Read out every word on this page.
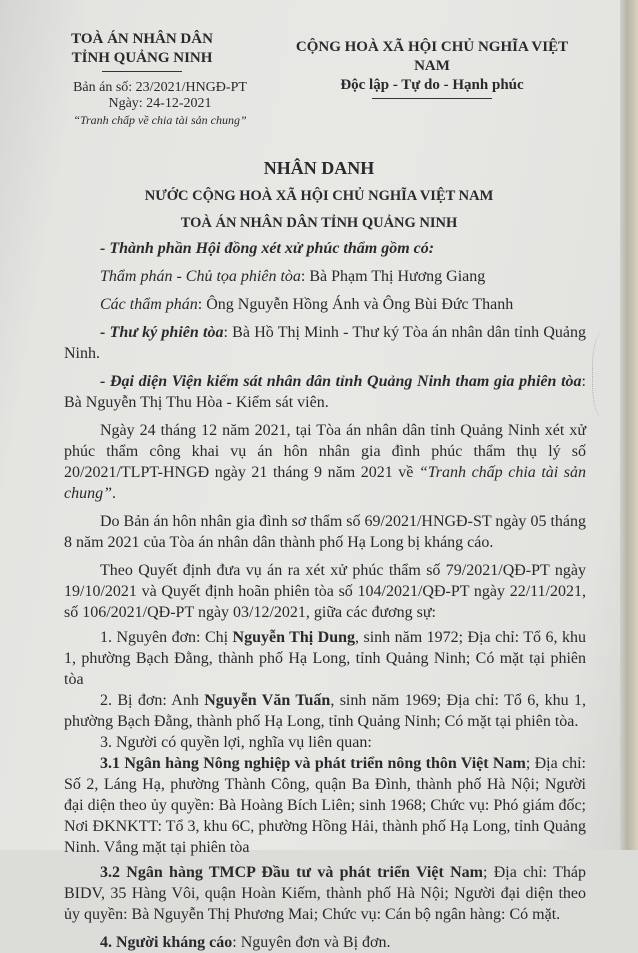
TOÀ ÁN NHÂN DÂN
TỈNH QUẢNG NINH
CỘNG HOÀ XÃ HỘI CHỦ NGHĨA VIỆT NAM
Độc lập - Tự do - Hạnh phúc
Bản án số: 23/2021/HNGĐ-PT
Ngày: 24-12-2021
“Tranh chấp về chia tài sản chung”
NHÂN DANH
NƯỚC CỘNG HOÀ XÃ HỘI CHỦ NGHĨA VIỆT NAM
TOÀ ÁN NHÂN DÂN TỈNH QUẢNG NINH

- Thành phần Hội đồng xét xử phúc thẩm gồm có:

Thẩm phán - Chủ tọa phiên tòa: Bà Phạm Thị Hương Giang

Các thẩm phán: Ông Nguyễn Hồng Ánh và Ông Bùi Đức Thanh

- Thư ký phiên tòa: Bà Hồ Thị Minh - Thư ký Tòa án nhân dân tỉnh Quảng Ninh.

- Đại diện Viện kiểm sát nhân dân tỉnh Quảng Ninh tham gia phiên tòa: Bà Nguyễn Thị Thu Hòa - Kiểm sát viên.

Ngày 24 tháng 12 năm 2021, tại Tòa án nhân dân tỉnh Quảng Ninh xét xử phúc thẩm công khai vụ án hôn nhân gia đình phúc thẩm thụ lý số 20/2021/TLPT-HNGĐ ngày 21 tháng 9 năm 2021 về “Tranh chấp chia tài sản chung”.

Do Bản án hôn nhân gia đình sơ thẩm số 69/2021/HNGĐ-ST ngày 05 tháng 8 năm 2021 của Tòa án nhân dân thành phố Hạ Long bị kháng cáo.

Theo Quyết định đưa vụ án ra xét xử phúc thẩm số 79/2021/QĐ-PT ngày 19/10/2021 và Quyết định hoãn phiên tòa số 104/2021/QĐ-PT ngày 22/11/2021, số 106/2021/QĐ-PT ngày 03/12/2021, giữa các đương sự:

1. Nguyên đơn: Chị Nguyễn Thị Dung, sinh năm 1972; Địa chỉ: Tổ 6, khu 1, phường Bạch Đằng, thành phố Hạ Long, tỉnh Quảng Ninh; Có mặt tại phiên tòa

2. Bị đơn: Anh Nguyễn Văn Tuấn, sinh năm 1969; Địa chỉ: Tổ 6, khu 1, phường Bạch Đằng, thành phố Hạ Long, tỉnh Quảng Ninh; Có mặt tại phiên tòa.

3. Người có quyền lợi, nghĩa vụ liên quan:

3.1 Ngân hàng Nông nghiệp và phát triển nông thôn Việt Nam; Địa chỉ: Số 2, Láng Hạ, phường Thành Công, quận Ba Đình, thành phố Hà Nội; Người đại diện theo ủy quyền: Bà Hoàng Bích Liên; sinh 1968; Chức vụ: Phó giám đốc; Nơi ĐKNKTT: Tổ 3, khu 6C, phường Hồng Hải, thành phố Hạ Long, tỉnh Quảng Ninh. Vắng mặt tại phiên tòa

3.2 Ngân hàng TMCP Đầu tư và phát triển Việt Nam; Địa chỉ: Tháp BIDV, 35 Hàng Vôi, quận Hoàn Kiếm, thành phố Hà Nội; Người đại diện theo ủy quyền: Bà Nguyễn Thị Phương Mai; Chức vụ: Cán bộ ngân hàng: Có mặt.

4. Người kháng cáo: Nguyên đơn và Bị đơn.
